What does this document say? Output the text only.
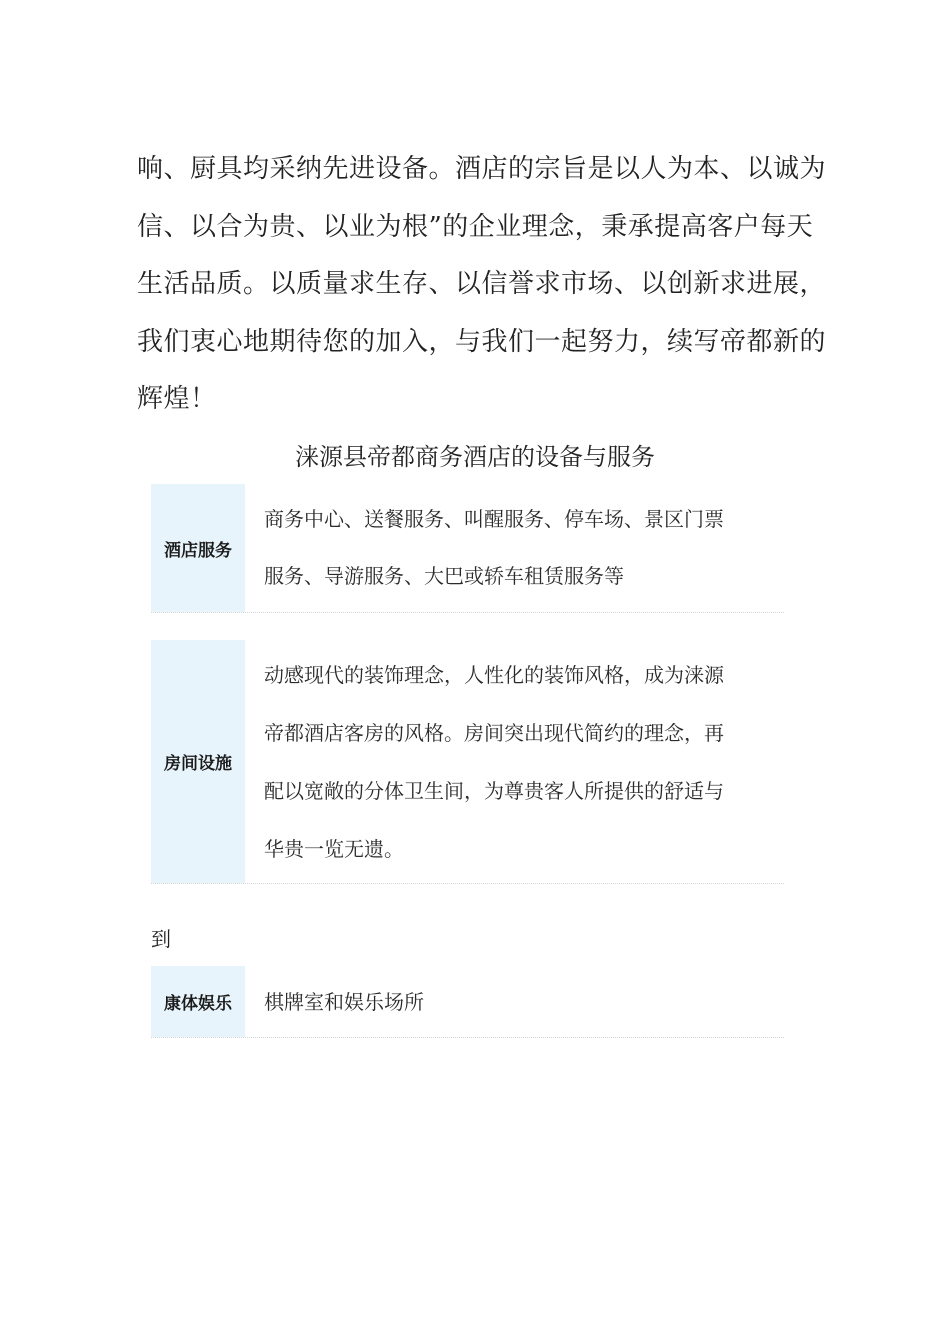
响、厨具均采纳先进设备。酒店的宗旨是以人为本、以诚为
信、以合为贵、以业为根”的企业理念，秉承提高客户每天
生活品质。以质量求生存、以信誉求市场、以创新求进展，
我们衷心地期待您的加入，与我们一起努力，续写帝都新的
辉煌！

涞源县帝都商务酒店的设备与服务
酒店服务
商务中心、送餐服务、叫醒服务、停车场、景区门票
服务、导游服务、大巴或轿车租赁服务等
房间设施
动感现代的装饰理念，人性化的装饰风格，成为涞源
帝都酒店客房的风格。房间突出现代简约的理念，再
配以宽敞的分体卫生间，为尊贵客人所提供的舒适与
华贵一览无遗。
到
康体娱乐	棋牌室和娱乐场所
